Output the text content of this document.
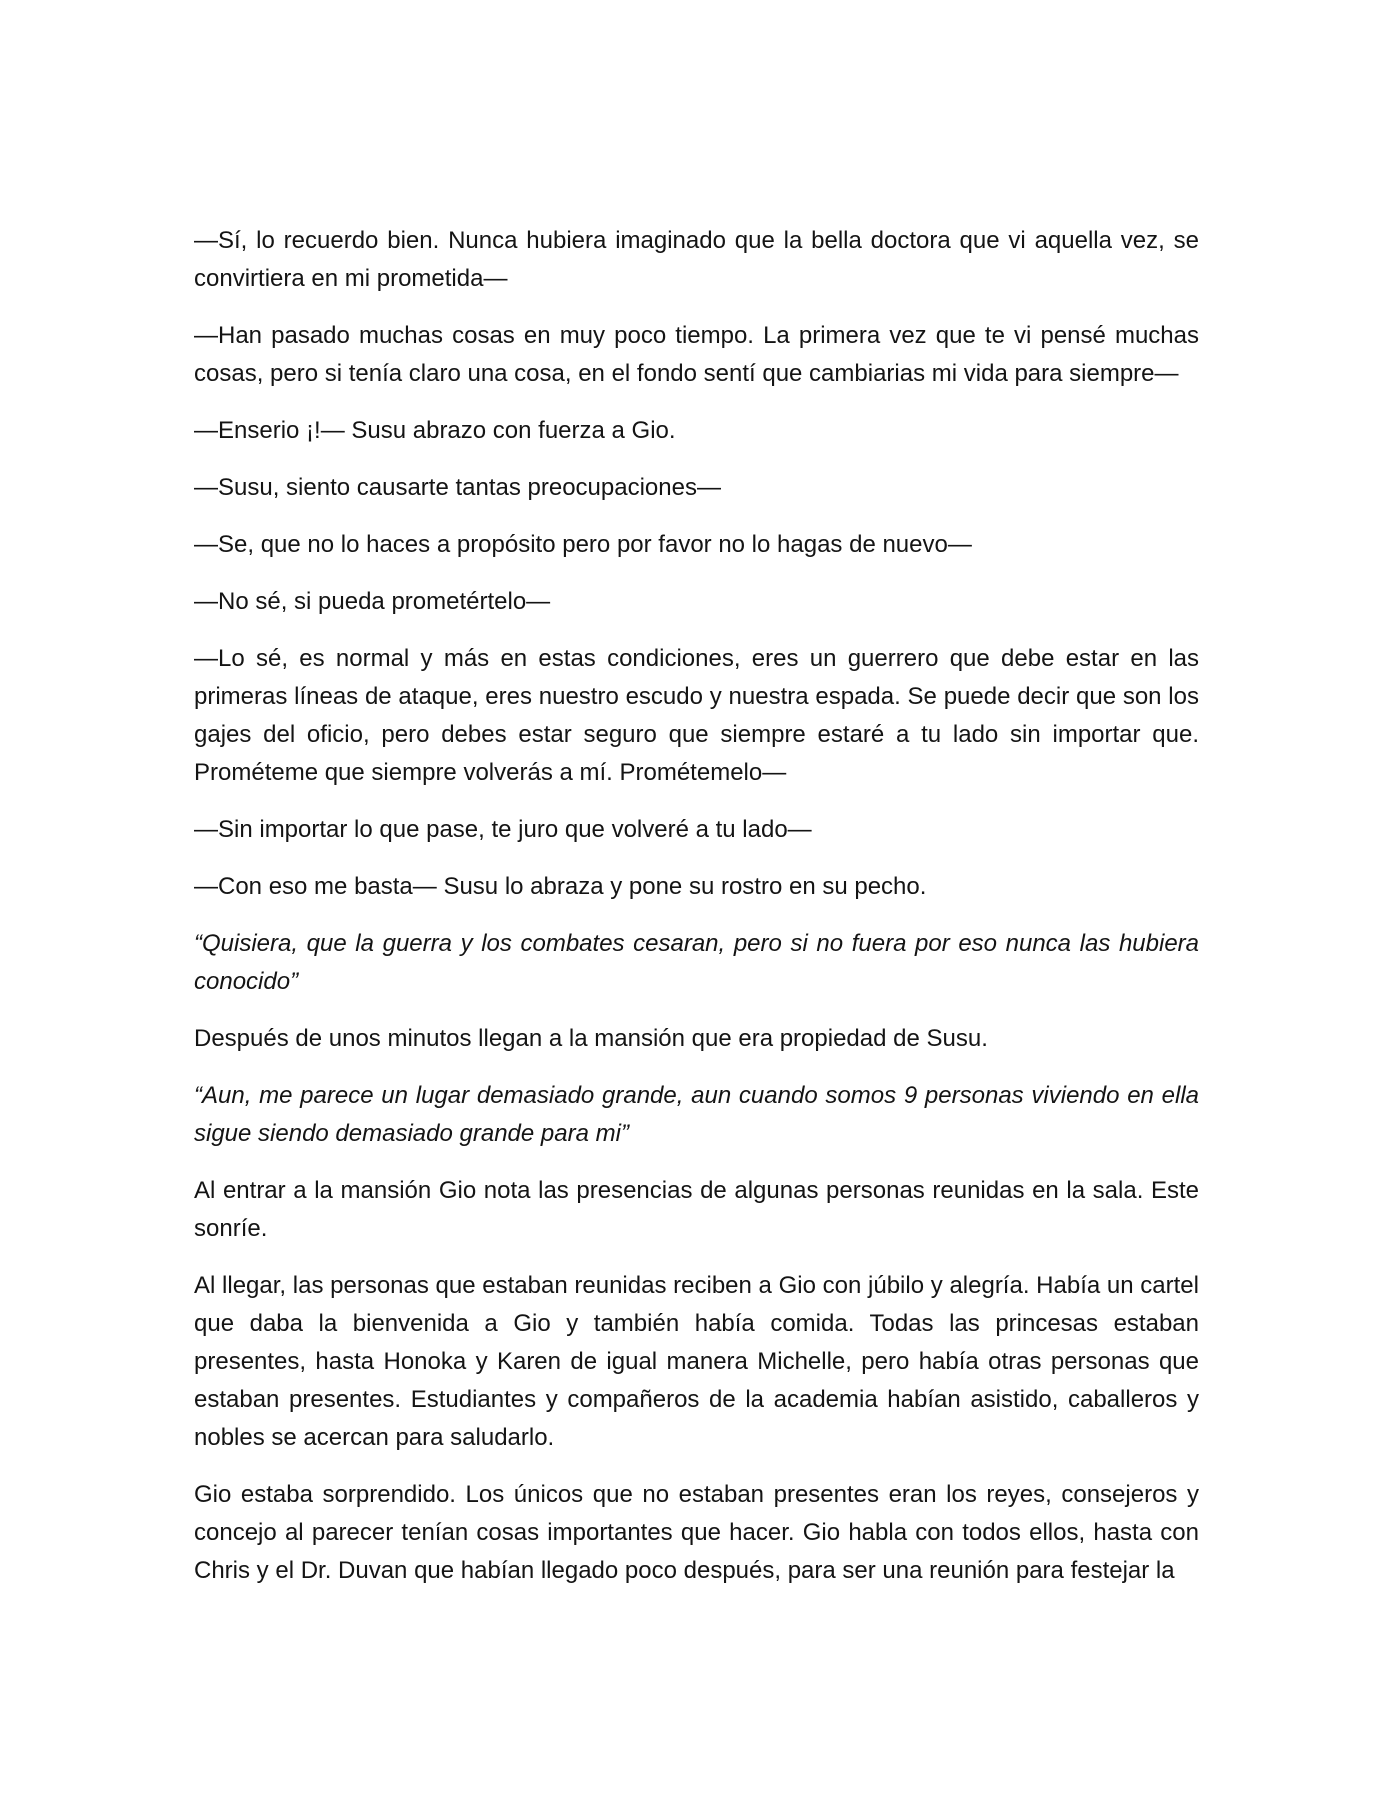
—Sí, lo recuerdo bien. Nunca hubiera imaginado que la bella doctora que vi aquella vez, se convirtiera en mi prometida—

—Han pasado muchas cosas en muy poco tiempo. La primera vez que te vi pensé muchas cosas, pero si tenía claro una cosa, en el fondo sentí que cambiarias mi vida para siempre—

—Enserio ¡!— Susu abrazo con fuerza a Gio.

—Susu, siento causarte tantas preocupaciones—

—Se, que no lo haces a propósito pero por favor no lo hagas de nuevo—

—No sé, si pueda prometértelo—

—Lo sé, es normal y más en estas condiciones, eres un guerrero que debe estar en las primeras líneas de ataque, eres nuestro escudo y nuestra espada. Se puede decir que son los gajes del oficio, pero debes estar seguro que siempre estaré a tu lado sin importar que. Prométeme que siempre volverás a mí. Prométemelo—

—Sin importar lo que pase, te juro que volveré a tu lado—

—Con eso me basta— Susu lo abraza y pone su rostro en su pecho.

“Quisiera, que la guerra y los combates cesaran, pero si no fuera por eso nunca las hubiera conocido”

Después de unos minutos llegan a la mansión que era propiedad de Susu.

“Aun, me parece un lugar demasiado grande, aun cuando somos 9 personas viviendo en ella sigue siendo demasiado grande para mi”

Al entrar a la mansión Gio nota las presencias de algunas personas reunidas en la sala. Este sonríe.

Al llegar, las personas que estaban reunidas reciben a Gio con júbilo y alegría. Había un cartel que daba la bienvenida a Gio y también había comida. Todas las princesas estaban presentes, hasta Honoka y Karen de igual manera Michelle, pero había otras personas que estaban presentes. Estudiantes y compañeros de la academia habían asistido, caballeros y nobles se acercan para saludarlo.

Gio estaba sorprendido. Los únicos que no estaban presentes eran los reyes, consejeros y concejo al parecer tenían cosas importantes que hacer. Gio habla con todos ellos, hasta con Chris y el Dr. Duvan que habían llegado poco después, para ser una reunión para festejar la
